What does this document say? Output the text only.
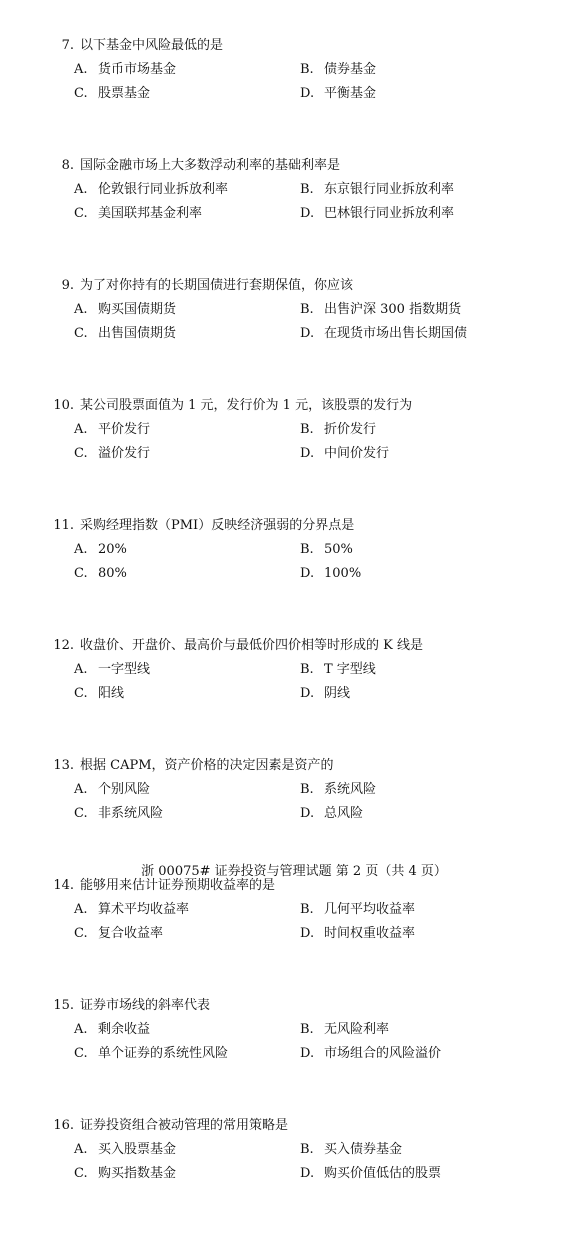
7. 以下基金中风险最低的是
A. 货币市场基金	B. 债券基金
C. 股票基金	D. 平衡基金
8. 国际金融市场上大多数浮动利率的基础利率是
A. 伦敦银行同业拆放利率	B. 东京银行同业拆放利率
C. 美国联邦基金利率	D. 巴林银行同业拆放利率
9. 为了对你持有的长期国债进行套期保值，你应该
A. 购买国债期货	B. 出售沪深 300 指数期货
C. 出售国债期货	D. 在现货市场出售长期国债
10. 某公司股票面值为 1 元，发行价为 1 元，该股票的发行为
A. 平价发行	B. 折价发行
C. 溢价发行	D. 中间价发行
11. 采购经理指数（PMI）反映经济强弱的分界点是
A. 20%	B. 50%
C. 80%	D. 100%
12. 收盘价、开盘价、最高价与最低价四价相等时形成的 K 线是
A. 一字型线	B. T 字型线
C. 阳线	D. 阴线
13. 根据 CAPM，资产价格的决定因素是资产的
A. 个别风险	B. 系统风险
C. 非系统风险	D. 总风险
14. 能够用来估计证券预期收益率的是
A. 算术平均收益率	B. 几何平均收益率
C. 复合收益率	D. 时间权重收益率
15. 证券市场线的斜率代表
A. 剩余收益	B. 无风险利率
C. 单个证券的系统性风险	D. 市场组合的风险溢价
16. 证券投资组合被动管理的常用策略是
A. 买入股票基金	B. 买入债券基金
C. 购买指数基金	D. 购买价值低估的股票
浙 00075# 证券投资与管理试题 第 2 页（共 4 页）
